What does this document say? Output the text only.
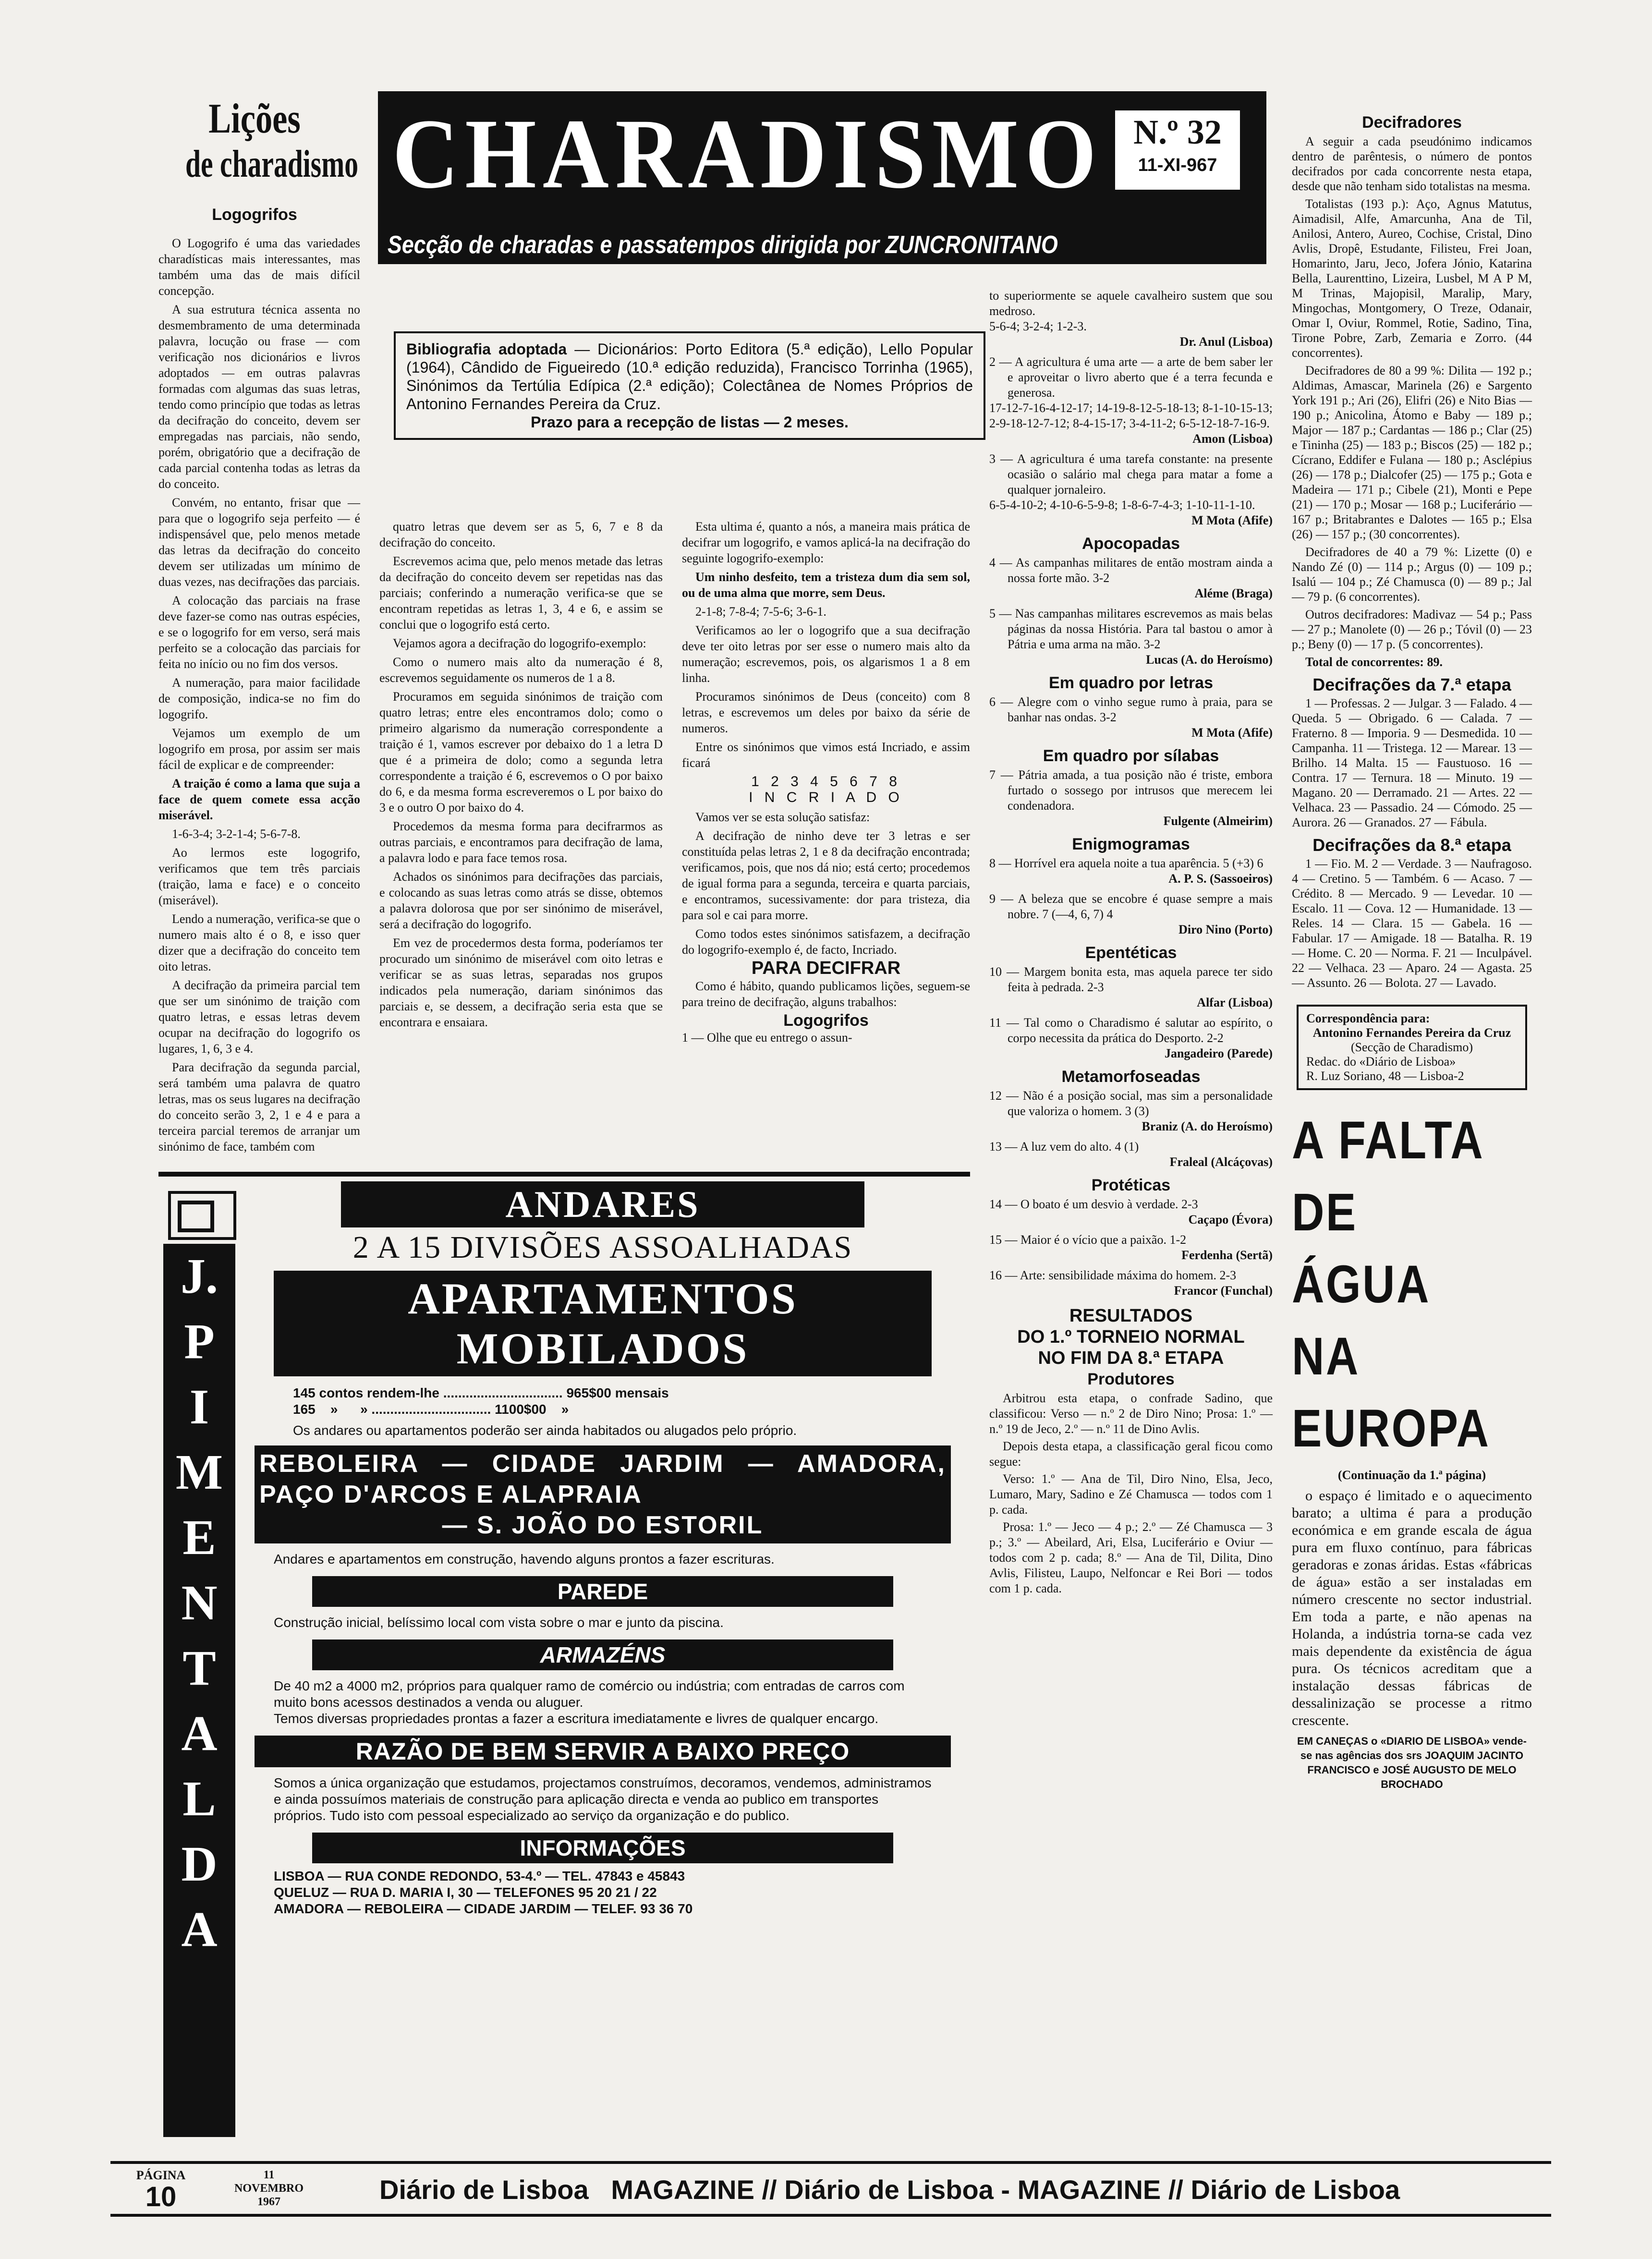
Lições
de charadismo
Logogrifos
CHARADISMO N.º 32
11-XI-967
Secção de charadas e passatempos dirigida por ZUNCRONITANO
Bibliografia adoptada — Dicionários: Porto Editora (5.ª edição), Lello Popular (1964), Cândido de Figueiredo (10.ª edição reduzida), Francisco Torrinha (1965), Sinónimos da Tertúlia Edípica (2.ª edição); Colectânea de Nomes Próprios de Antonino Fernandes Pereira da Cruz.
Prazo para a recepção de listas — 2 meses.

O Logogrifo é uma das variedades charadísticas mais interessantes, mas também uma das de mais difícil concepção.

A sua estrutura técnica assenta no desmembramento de uma determinada palavra, locução ou frase — com verificação nos dicionários e livros adoptados — em outras palavras formadas com algumas das suas letras, tendo como princípio que todas as letras da decifração do conceito, devem ser empregadas nas parciais, não sendo, porém, obrigatório que a decifração de cada parcial contenha todas as letras da do conceito.

Convém, no entanto, frisar que — para que o logogrifo seja perfeito — é indispensável que, pelo menos metade das letras da decifração do conceito devem ser utilizadas um mínimo de duas vezes, nas decifrações das parciais.

A colocação das parciais na frase deve fazer-se como nas outras espécies, e se o logogrifo for em verso, será mais perfeito se a colocação das parciais for feita no início ou no fim dos versos.

A numeração, para maior facilidade de composição, indica-se no fim do logogrifo.

Vejamos um exemplo de um logogrifo em prosa, por assim ser mais fácil de explicar e de compreender:

A traição é como a lama que suja a face de quem comete essa acção miserável.

1-6-3-4; 3-2-1-4; 5-6-7-8.

Ao lermos este logogrifo, verificamos que tem três parciais (traição, lama e face) e o conceito (miserável).

Lendo a numeração, verifica-se que o numero mais alto é o 8, e isso quer dizer que a decifração do conceito tem oito letras.

A decifração da primeira parcial tem que ser um sinónimo de traição com quatro letras, e essas letras devem ocupar na decifração do logogrifo os lugares, 1, 6, 3 e 4.

Para decifração da segunda parcial, será também uma palavra de quatro letras, mas os seus lugares na decifração do conceito serão 3, 2, 1 e 4 e para a terceira parcial teremos de arranjar um sinónimo de face, também com

quatro letras que devem ser as 5, 6, 7 e 8 da decifração do conceito.

Escrevemos acima que, pelo menos metade das letras da decifração do conceito devem ser repetidas nas das parciais; conferindo a numeração verifica-se que se encontram repetidas as letras 1, 3, 4 e 6, e assim se conclui que o logogrifo está certo.

Vejamos agora a decifração do logogrifo-exemplo:

Como o numero mais alto da numeração é 8, escrevemos seguidamente os numeros de 1 a 8.

Procuramos em seguida sinónimos de traição com quatro letras; entre eles encontramos dolo; como o primeiro algarismo da numeração correspondente a traição é 1, vamos escrever por debaixo do 1 a letra D que é a primeira de dolo; como a segunda letra correspondente a traição é 6, escrevemos o O por baixo do 6, e da mesma forma escreveremos o L por baixo do 3 e o outro O por baixo do 4.

Procedemos da mesma forma para decifrarmos as outras parciais, e encontramos para decifração de lama, a palavra lodo e para face temos rosa.

Achados os sinónimos para decifrações das parciais, e colocando as suas letras como atrás se disse, obtemos a palavra dolorosa que por ser sinónimo de miserável, será a decifração do logogrifo.

Em vez de procedermos desta forma, poderíamos ter procurado um sinónimo de miserável com oito letras e verificar se as suas letras, separadas nos grupos indicados pela numeração, dariam sinónimos das parciais e, se dessem, a decifração seria esta que se encontrara e ensaiara.

Esta ultima é, quanto a nós, a maneira mais prática de decifrar um logogrifo, e vamos aplicá-la na decifração do seguinte logogrifo-exemplo:

Um ninho desfeito, tem a tristeza dum dia sem sol, ou de uma alma que morre, sem Deus.

2-1-8; 7-8-4; 7-5-6; 3-6-1.

Verificamos ao ler o logogrifo que a sua decifração deve ter oito letras por ser esse o numero mais alto da numeração; escrevemos, pois, os algarismos 1 a 8 em linha.

Procuramos sinónimos de Deus (conceito) com 8 letras, e escrevemos um deles por baixo da série de numeros.

Entre os sinónimos que vimos está Incriado, e assim ficará

1 2 3 4 5 6 7 8
I N C R I A D O

Vamos ver se esta solução satisfaz:

A decifração de ninho deve ter 3 letras e ser constituída pelas letras 2, 1 e 8 da decifração encontrada; verificamos, pois, que nos dá nio; está certo; procedemos de igual forma para a segunda, terceira e quarta parciais, e encontramos, sucessivamente: dor para tristeza, dia para sol e cai para morre.

Como todos estes sinónimos satisfazem, a decifração do logogrifo-exemplo é, de facto, Incriado.

PARA DECIFRAR

Como é hábito, quando publicamos lições, seguem-se para treino de decifração, alguns trabalhos:

Logogrifos

1 — Olhe que eu entrego o assun-

to superiormente se aquele cavalheiro sustem que sou medroso.
5-6-4; 3-2-4; 1-2-3.
Dr. Anul (Lisboa)
2 — A agricultura é uma arte — a arte de bem saber ler e aproveitar o livro aberto que é a terra fecunda e generosa.
17-12-7-16-4-12-17; 14-19-8-12-5-18-13; 8-1-10-15-13; 2-9-18-12-7-12; 8-4-15-17; 3-4-11-2; 6-5-12-18-7-16-9.
Amon (Lisboa)
3 — A agricultura é uma tarefa constante: na presente ocasião o salário mal chega para matar a fome a qualquer jornaleiro.
6-5-4-10-2; 4-10-6-5-9-8; 1-8-6-7-4-3; 1-10-11-1-10.
M Mota (Afife)
Apocopadas
4 — As campanhas militares de então mostram ainda a nossa forte mão. 3-2
Aléme (Braga)
5 — Nas campanhas militares escrevemos as mais belas páginas da nossa História. Para tal bastou o amor à Pátria e uma arma na mão. 3-2
Lucas (A. do Heroísmo)
Em quadro por letras
6 — Alegre com o vinho segue rumo à praia, para se banhar nas ondas. 3-2
M Mota (Afife)
Em quadro por sílabas
7 — Pátria amada, a tua posição não é triste, embora furtado o sossego por intrusos que merecem lei condenadora.
Fulgente (Almeirim)
Enigmogramas
8 — Horrível era aquela noite a tua aparência. 5 (+3) 6
A. P. S. (Sassoeiros)
9 — A beleza que se encobre é quase sempre a mais nobre. 7 (—4, 6, 7) 4
Diro Nino (Porto)
Epentéticas
10 — Margem bonita esta, mas aquela parece ter sido feita à pedrada. 2-3
Alfar (Lisboa)
11 — Tal como o Charadismo é salutar ao espírito, o corpo necessita da prática do Desporto. 2-2
Jangadeiro (Parede)
Metamorfoseadas
12 — Não é a posição social, mas sim a personalidade que valoriza o homem. 3 (3)
Braniz (A. do Heroísmo)
13 — A luz vem do alto. 4 (1)
Fraleal (Alcáçovas)
Protéticas
14 — O boato é um desvio à verdade. 2-3
Caçapo (Évora)
15 — Maior é o vício que a paixão. 1-2
Ferdenha (Sertã)
16 — Arte: sensibilidade máxima do homem. 2-3
Francor (Funchal)
RESULTADOS
DO 1.º TORNEIO NORMAL
NO FIM DA 8.ª ETAPA
Produtores

Arbitrou esta etapa, o confrade Sadino, que classificou: Verso — n.º 2 de Diro Nino; Prosa: 1.º — n.º 19 de Jeco, 2.º — n.º 11 de Dino Avlis.

Depois desta etapa, a classificação geral ficou como segue:

Verso: 1.º — Ana de Til, Diro Nino, Elsa, Jeco, Lumaro, Mary, Sadino e Zé Chamusca — todos com 1 p. cada.

Prosa: 1.º — Jeco — 4 p.; 2.º — Zé Chamusca — 3 p.; 3.º — Abeilard, Ari, Elsa, Luciferário e Oviur — todos com 2 p. cada; 8.º — Ana de Til, Dilita, Dino Avlis, Filisteu, Laupo, Nelfoncar e Rei Bori — todos com 1 p. cada.

Decifradores

A seguir a cada pseudónimo indicamos dentro de parêntesis, o número de pontos decifrados por cada concorrente nesta etapa, desde que não tenham sido totalistas na mesma.

Totalistas (193 p.): Aço, Agnus Matutus, Aimadisil, Alfe, Amarcunha, Ana de Til, Anilosi, Antero, Aureo, Cochise, Cristal, Dino Avlis, Dropê, Estudante, Filisteu, Frei Joan, Homarinto, Jaru, Jeco, Jofera Jónio, Katarina Bella, Laurenttino, Lizeira, Lusbel, M A P M, M Trinas, Majopisil, Maralip, Mary, Mingochas, Montgomery, O Treze, Odanair, Omar I, Oviur, Rommel, Rotie, Sadino, Tina, Tirone Pobre, Zarb, Zemaria e Zorro. (44 concorrentes).

Decifradores de 80 a 99 %: Dilita — 192 p.; Aldimas, Amascar, Marinela (26) e Sargento York 191 p.; Ari (26), Elifri (26) e Nito Bias — 190 p.; Anicolina, Átomo e Baby — 189 p.; Major — 187 p.; Cardantas — 186 p.; Clar (25) e Tininha (25) — 183 p.; Biscos (25) — 182 p.; Cícrano, Eddifer e Fulana — 180 p.; Asclépius (26) — 178 p.; Dialcofer (25) — 175 p.; Gota e Madeira — 171 p.; Cibele (21), Monti e Pepe (21) — 170 p.; Mosar — 168 p.; Luciferário — 167 p.; Britabrantes e Dalotes — 165 p.; Elsa (26) — 157 p.; (30 concorrentes).

Decifradores de 40 a 79 %: Lizette (0) e Nando Zé (0) — 114 p.; Argus (0) — 109 p.; Isalú — 104 p.; Zé Chamusca (0) — 89 p.; Jal — 79 p. (6 concorrentes).

Outros decifradores: Madivaz — 54 p.; Pass — 27 p.; Manolete (0) — 26 p.; Tóvil (0) — 23 p.; Beny (0) — 17 p. (5 concorrentes).

Total de concorrentes: 89.

Decifrações da 7.ª etapa

1 — Professas. 2 — Julgar. 3 — Falado. 4 — Queda. 5 — Obrigado. 6 — Calada. 7 — Fraterno. 8 — Imporia. 9 — Desmedida. 10 — Campanha. 11 — Tristega. 12 — Marear. 13 — Brilho. 14 Malta. 15 — Faustuoso. 16 — Contra. 17 — Ternura. 18 — Minuto. 19 — Magano. 20 — Derramado. 21 — Artes. 22 — Velhaca. 23 — Passadio. 24 — Cómodo. 25 — Aurora. 26 — Granados. 27 — Fábula.

Decifrações da 8.ª etapa

1 — Fio. M. 2 — Verdade. 3 — Naufragoso. 4 — Cretino. 5 — Também. 6 — Acaso. 7 — Crédito. 8 — Mercado. 9 — Levedar. 10 — Escalo. 11 — Cova. 12 — Humanidade. 13 — Reles. 14 — Clara. 15 — Gabela. 16 — Fabular. 17 — Amigade. 18 — Batalha. R. 19 — Home. C. 20 — Norma. F. 21 — Inculpável. 22 — Velhaca. 23 — Aparo. 24 — Agasta. 25 — Assunto. 26 — Bolota. 27 — Lavado.

Correspondência para:
Antonino Fernandes Pereira da Cruz
(Secção de Charadismo)
Redac. do «Diário de Lisboa»
R. Luz Soriano, 48 — Lisboa-2
A FALTA
DE ÁGUA
NA EUROPA
(Continuação da 1.ª página)

o espaço é limitado e o aquecimento barato; a ultima é para a produção económica e em grande escala de água pura em fluxo contínuo, para fábricas geradoras e zonas áridas. Estas «fábricas de água» estão a ser instaladas em número crescente no sector industrial. Em toda a parte, e não apenas na Holanda, a indústria torna-se cada vez mais dependente da existência de água pura. Os técnicos acreditam que a instalação dessas fábricas de dessalinização se processe a ritmo crescente.

EM CANEÇAS o «DIARIO DE LISBOA» vende-se nas agências dos srs JOAQUIM JACINTO FRANCISCO e JOSÉ AUGUSTO DE MELO BROCHADO
J.
P
I
M
E
N
T
A
L
D
A
ANDARES
2 A 15 DIVISÕES ASSOALHADAS
APARTAMENTOS
MOBILADOS
145 contos rendem-lhe ................................ 965$00 mensais
165    »      » ................................ 1100$00    »
Os andares ou apartamentos poderão ser ainda habitados ou alugados pelo próprio.
REBOLEIRA — CIDADE JARDIM — AMADORA, PAÇO D'ARCOS E ALAPRAIA
— S. JOÃO DO ESTORIL
Andares e apartamentos em construção, havendo alguns prontos a fazer escrituras.
PAREDE
Construção inicial, belíssimo local com vista sobre o mar e junto da piscina.
ARMAZÉNS
De 40 m2 a 4000 m2, próprios para qualquer ramo de comércio ou indústria; com entradas de carros com muito bons acessos destinados a venda ou aluguer.
Temos diversas propriedades prontas a fazer a escritura imediatamente e livres de qualquer encargo.
RAZÃO DE BEM SERVIR A BAIXO PREÇO
Somos a única organização que estudamos, projectamos construímos, decoramos, vendemos, administramos e ainda possuímos materiais de construção para aplicação directa e venda ao publico em transportes próprios. Tudo isto com pessoal especializado ao serviço da organização e do publico.
INFORMAÇÕES
LISBOA — RUA CONDE REDONDO, 53-4.º — TEL. 47843 e 45843
QUELUZ — RUA D. MARIA I, 30 — TELEFONES 95 20 21 / 22
AMADORA — REBOLEIRA — CIDADE JARDIM — TELEF. 93 36 70
PÁGINA
10
11
NOVEMBRO
1967	Diário de Lisboa   MAGAZINE // Diário de Lisboa - MAGAZINE // Diário de Lisboa
